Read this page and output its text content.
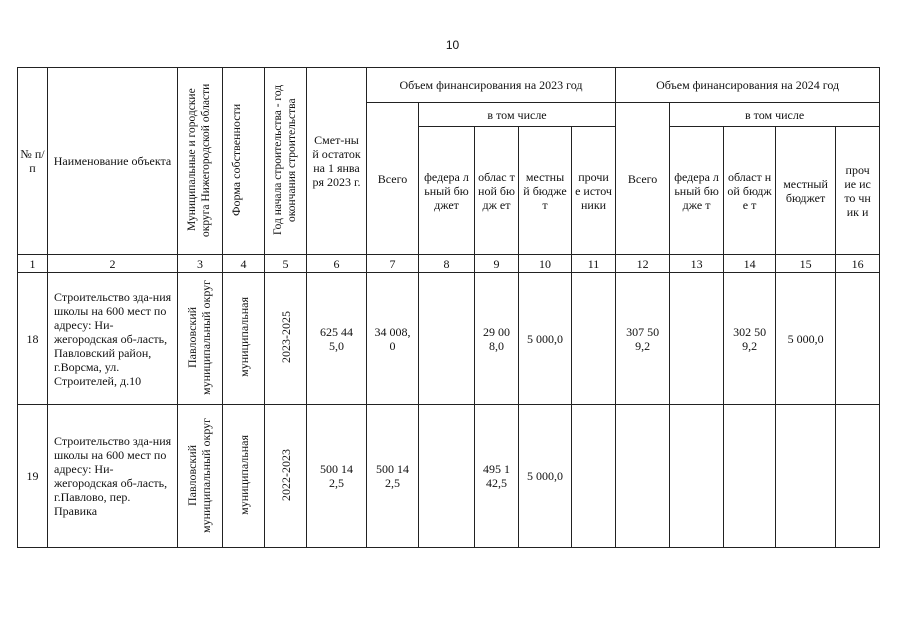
10
№ п/п	Наименование объекта	Муниципальные и городские округа Нижегородской области	Форма собственности	Год начала строительства - год окончания строительства	Смет-ный остаток на 1 января 2023 г.	Объем финансирования на 2023 год					Объем финансирования на 2024 год				
						Всего	в том числе				Всего	в том числе			

							федера льный бюджет	облас тной бюдж ет	местны й бюдже т	прочи е источ ники		федера льный бюдже т	област ной бюдже т	местный бюджет	проч ие исто чник и

1	2	3	4	5	6	7	8	9	10	11	12	13	14	15	16
18	Строительство зда-ния школы на 600 мест по адресу: Ни-жегородская об-ласть, Павловский район, г.Ворсма, ул. Строителей, д.10	Павловский муниципальный округ	муниципальная	2023-2025	625 445,0	34 008,0		29 008,0	5 000,0		307 509,2		302 509,2	5 000,0	
19	Строительство зда-ния школы на 600 мест по адресу: Ни-жегородская об-ласть, г.Павлово, пер. Правика	Павловский муниципальный округ	муниципальная	2022-2023	500 142,5	500 142,5		495 142,5	5 000,0						
